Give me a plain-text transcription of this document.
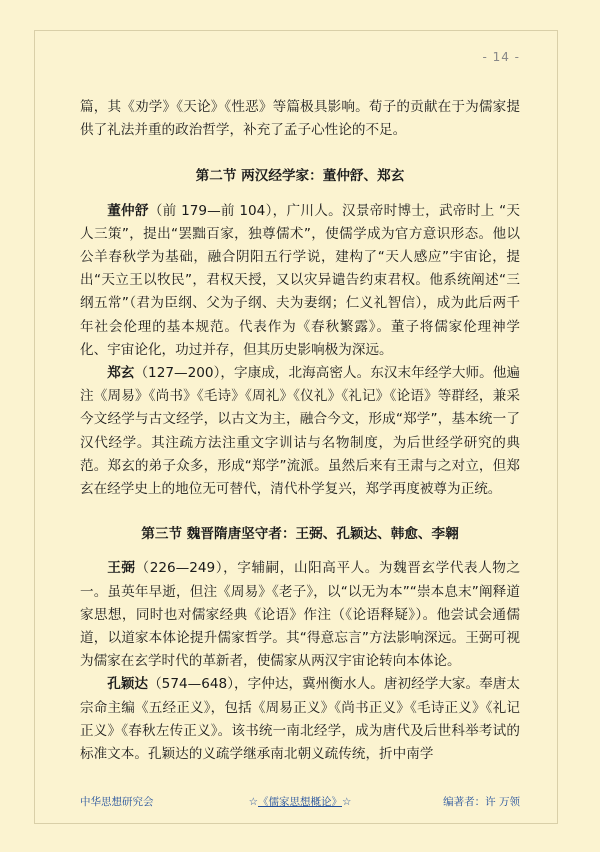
- 14 -

篇，其《劝学》《天论》《性恶》等篇极具影响。荀子的贡献在于为儒家提供了礼法并重的政治哲学，补充了孟子心性论的不足。

第二节 两汉经学家：董仲舒、郑玄

董仲舒（前 179—前 104），广川人。汉景帝时博士，武帝时上 “天人三策”，提出“罢黜百家，独尊儒术”，使儒学成为官方意识形态。他以公羊春秋学为基础，融合阴阳五行学说，建构了“天人感应”宇宙论，提出“天立王以牧民”，君权天授，又以灾异谴告约束君权。他系统阐述“三纲五常”（君为臣纲、父为子纲、夫为妻纲；仁义礼智信），成为此后两千年社会伦理的基本规范。代表作为《春秋繁露》。董子将儒家伦理神学化、宇宙论化，功过并存，但其历史影响极为深远。

郑玄（127—200），字康成，北海高密人。东汉末年经学大师。他遍注《周易》《尚书》《毛诗》《周礼》《仪礼》《礼记》《论语》等群经，兼采今文经学与古文经学，以古文为主，融合今文，形成“郑学”，基本统一了汉代经学。其注疏方法注重文字训诂与名物制度，为后世经学研究的典范。郑玄的弟子众多，形成“郑学”流派。虽然后来有王肃与之对立，但郑玄在经学史上的地位无可替代，清代朴学复兴，郑学再度被尊为正统。

第三节 魏晋隋唐坚守者：王弼、孔颖达、韩愈、李翱

王弼（226—249），字辅嗣，山阳高平人。为魏晋玄学代表人物之一。虽英年早逝，但注《周易》《老子》，以“以无为本”“崇本息末”阐释道家思想，同时也对儒家经典《论语》作注（《论语释疑》）。他尝试会通儒道，以道家本体论提升儒家哲学。其“得意忘言”方法影响深远。王弼可视为儒家在玄学时代的革新者，使儒家从两汉宇宙论转向本体论。

孔颖达（574—648），字仲达，冀州衡水人。唐初经学大家。奉唐太宗命主编《五经正义》，包括《周易正义》《尚书正义》《毛诗正义》《礼记正义》《春秋左传正义》。该书统一南北经学，成为唐代及后世科举考试的标准文本。孔颖达的义疏学继承南北朝义疏传统，折中南学

中华思想研究会	☆《儒家思想概论》☆	编著者：许 万领
